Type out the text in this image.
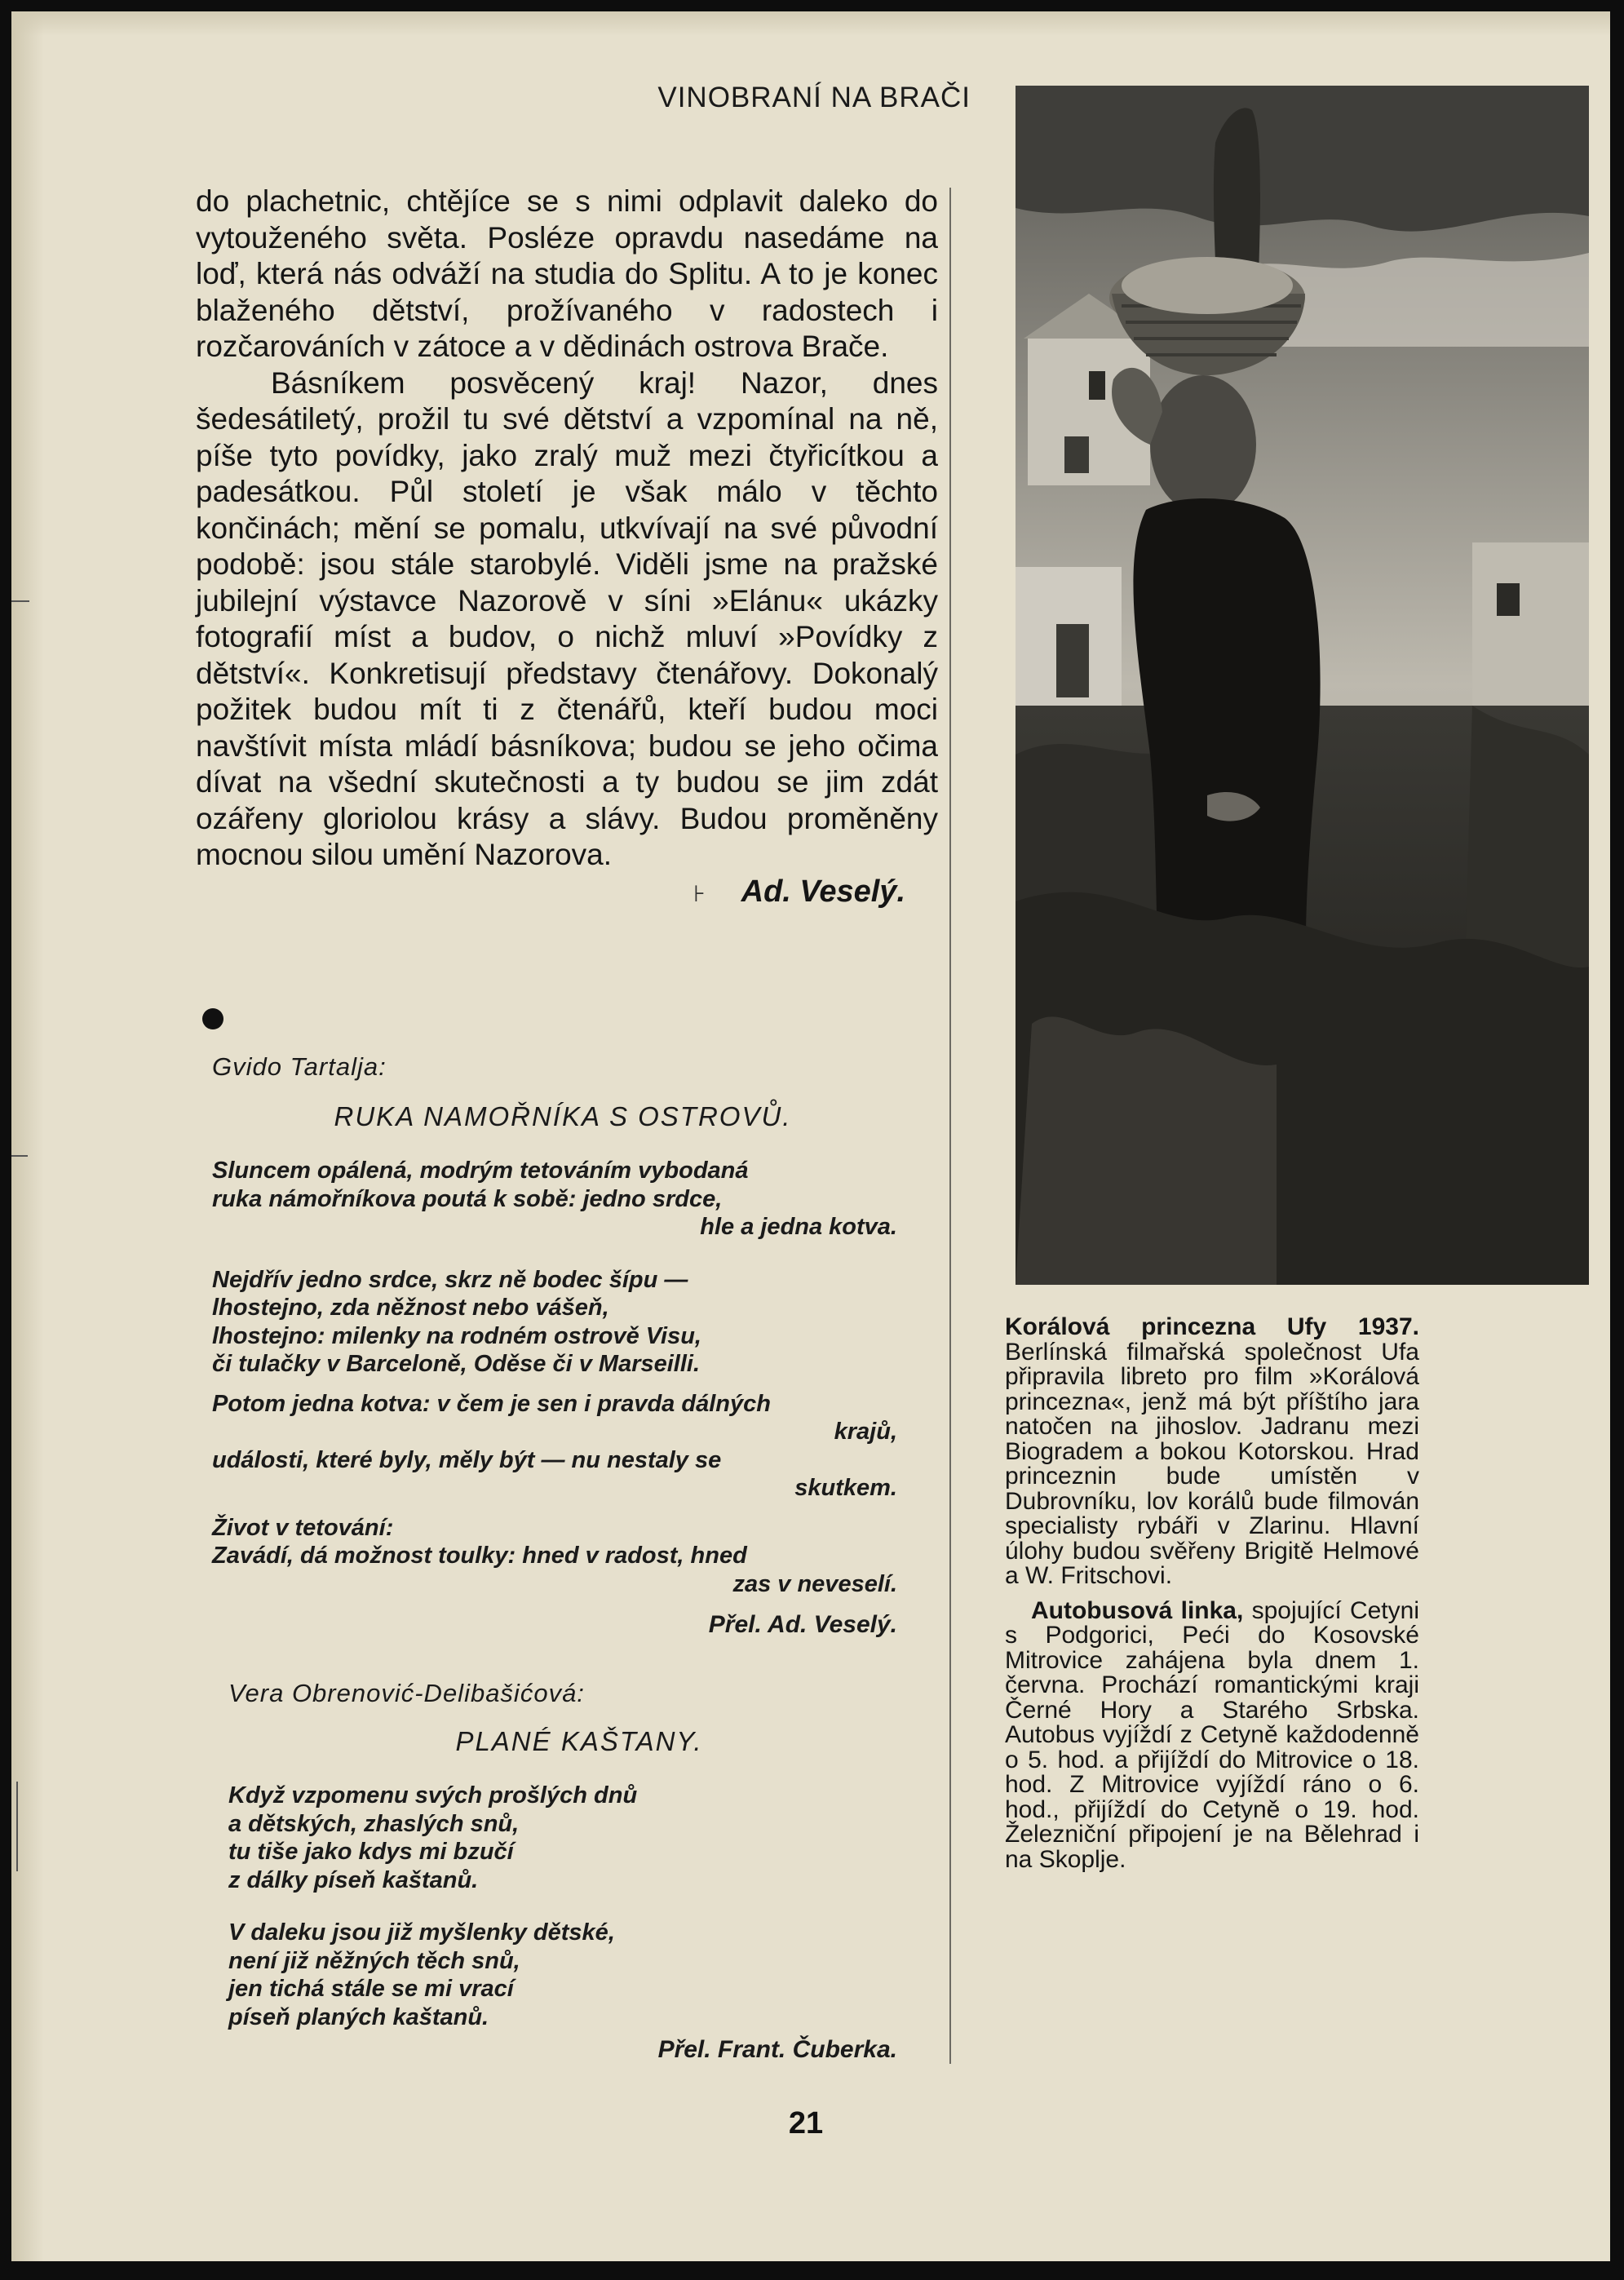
VINOBRANÍ NA BRAČI

do plachetnic, chtějíce se s nimi odplavit daleko do vytouženého světa. Posléze opravdu nasedáme na loď, která nás odváží na studia do Splitu. A to je konec blaženého dětství, prožívaného v radostech i rozčarováních v zátoce a v dědinách ostrova Brače.

Básníkem posvěcený kraj! Nazor, dnes šedesátiletý, prožil tu své dětství a vzpomínal na ně, píše tyto povídky, jako zralý muž mezi čtyřicítkou a padesátkou. Půl století je však málo v těchto končinách; mění se pomalu, utkvívají na své původní podobě: jsou stále starobylé. Viděli jsme na pražské jubilejní výstavce Nazorově v síni »Elánu« ukázky fotografií míst a budov, o nichž mluví »Povídky z dětství«. Konkretisují představy čtenářovy. Dokonalý požitek budou mít ti z čtenářů, kteří budou moci navštívit místa mládí básníkova; budou se jeho očima dívat na všední skutečnosti a ty budou se jim zdát ozářeny gloriolou krásy a slávy. Budou proměněny mocnou silou umění Nazorova.

⊦ Ad. Veselý.
Gvido Tartalja:
RUKA NAMOŘNÍKA S OSTROVŮ.
Sluncem opálená, modrým tetováním vybodaná
ruka námořníkova poutá k sobě: jedno srdce,
hle a jedna kotva.
Nejdřív jedno srdce, skrz ně bodec šípu —
lhostejno, zda něžnost nebo vášeň,
lhostejno: milenky na rodném ostrově Visu,
či tulačky v Barceloně, Oděse či v Marseilli.
Potom jedna kotva: v čem je sen i pravda dálných
krajů,
události, které byly, měly být — nu nestaly se
skutkem.
Život v tetování:
Zavádí, dá možnost toulky: hned v radost, hned
zas v neveselí.
Přel. Ad. Veselý.
Vera Obrenović-Delibašićová:
PLANÉ KAŠTANY.
Když vzpomenu svých prošlých dnů
a dětských, zhaslých snů,
tu tiše jako kdys mi bzučí
z dálky píseň kaštanů.
V daleku jsou již myšlenky dětské,
není již něžných těch snů,
jen tichá stále se mi vrací
píseň planých kaštanů.
Přel. Frant. Čuberka.

Korálová princezna Ufy 1937. Berlínská filmařská společnost Ufa připravila libreto pro film »Korálová princezna«, jenž má být příštího jara natočen na jihoslov. Jadranu mezi Biogradem a bokou Kotorskou. Hrad princeznin bude umístěn v Dubrovníku, lov korálů bude filmován specialisty rybáři v Zlarinu. Hlavní úlohy budou svěřeny Brigitě Helmové a W. Fritschovi.

Autobusová linka, spojující Cetyni s Podgorici, Peći do Kosovské Mitrovice zahájena byla dnem 1. června. Prochází romantickými kraji Černé Hory a Starého Srbska. Autobus vyjíždí z Cetyně každodenně o 5. hod. a přijíždí do Mitrovice o 18. hod. Z Mitrovice vyjíždí ráno o 6. hod., přijíždí do Cetyně o 19. hod. Železniční připojení je na Bělehrad i na Skoplje.

21
